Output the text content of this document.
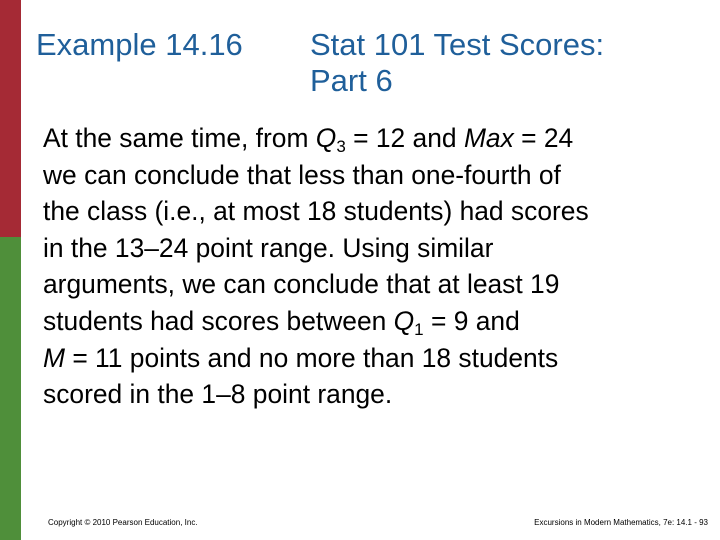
Example 14.16 Stat 101 Test Scores:
Part 6
At the same time, from $Q_3 = 12$ and Max = 24
we can conclude that less than one-fourth of
the class (i.e., at most 18 students) had scores
in the 13–24 point range. Using similar
arguments, we can conclude that at least 19
students had scores between $Q_1 = 9$ and
M = 11 points and no more than 18 students
scored in the 1–8 point range.
Copyright © 2010 Pearson Education, Inc.	Excursions in Modern Mathematics, 7e: 14.1 - 93
